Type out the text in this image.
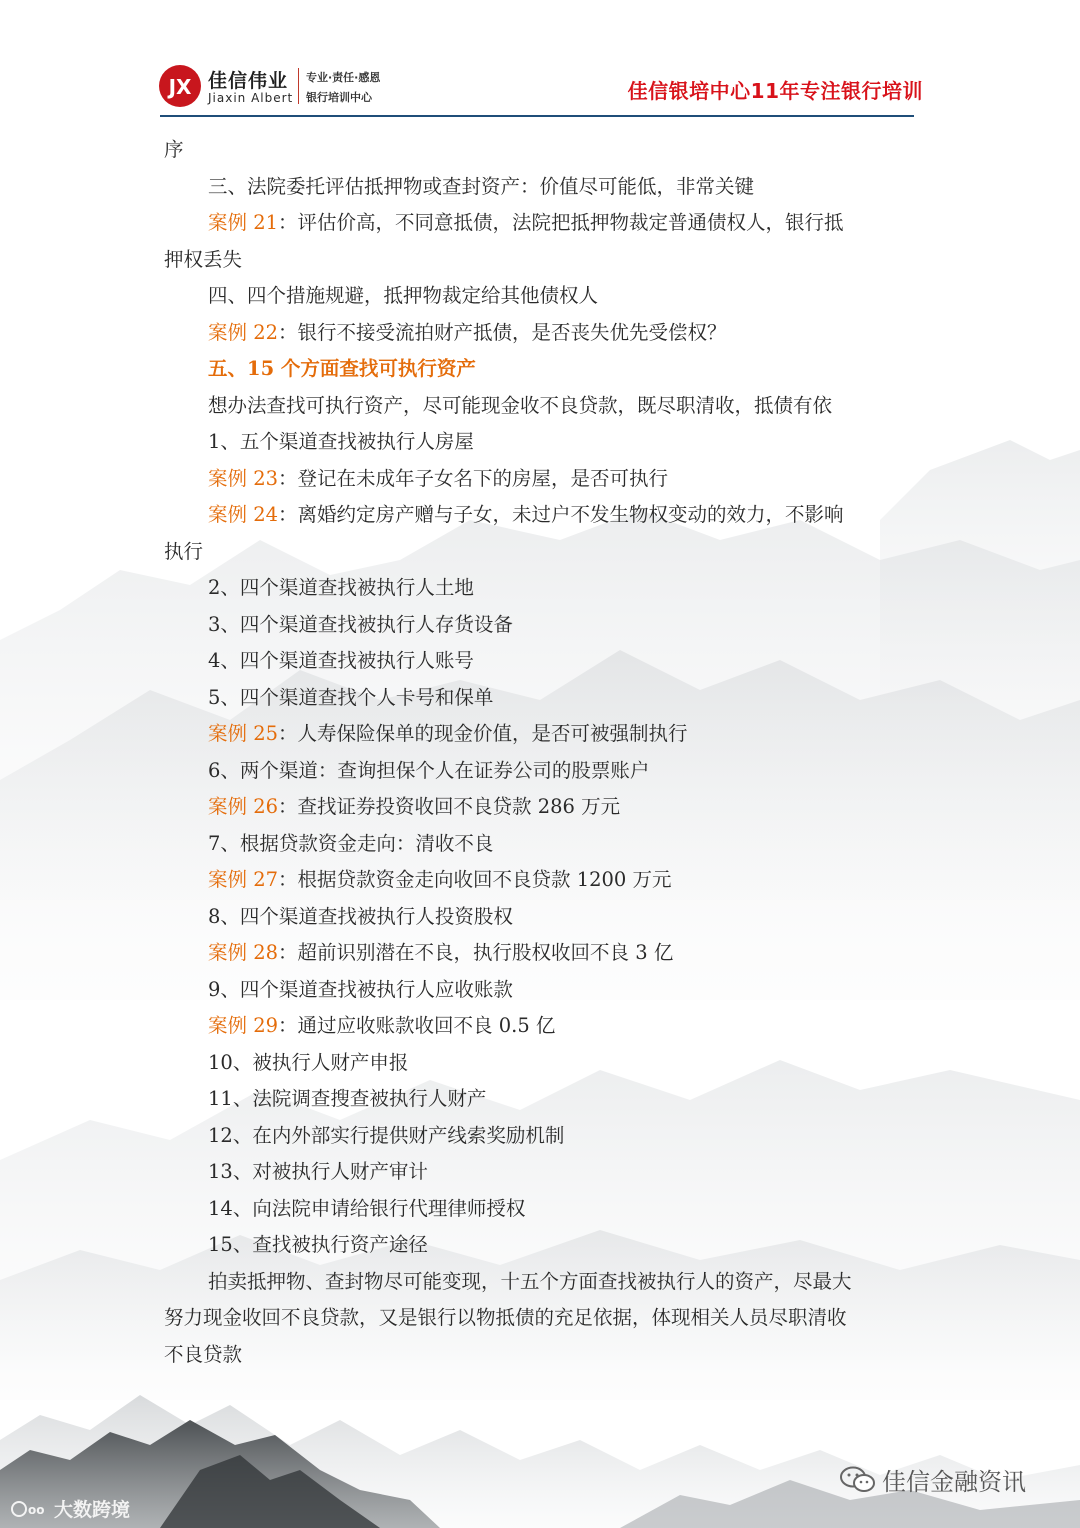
JX 佳信伟业
Jiaxin Albert
专业·责任·感恩
银行培训中心	佳信银培中心11年专注银行培训

序

三、法院委托评估抵押物或查封资产：价值尽可能低，非常关键

案例 21：评估价高，不同意抵债，法院把抵押物裁定普通债权人，银行抵

押权丢失

四、四个措施规避，抵押物裁定给其他债权人

案例 22：银行不接受流拍财产抵债，是否丧失优先受偿权？

五、15 个方面查找可执行资产

想办法查找可执行资产，尽可能现金收不良贷款，既尽职清收，抵债有依

1、五个渠道查找被执行人房屋

案例 23：登记在未成年子女名下的房屋，是否可执行

案例 24：离婚约定房产赠与子女，未过户不发生物权变动的效力，不影响

执行

2、四个渠道查找被执行人土地

3、四个渠道查找被执行人存货设备

4、四个渠道查找被执行人账号

5、四个渠道查找个人卡号和保单

案例 25：人寿保险保单的现金价值，是否可被强制执行

6、两个渠道：查询担保个人在证券公司的股票账户

案例 26：查找证券投资收回不良贷款 286 万元

7、根据贷款资金走向：清收不良

案例 27：根据贷款资金走向收回不良贷款 1200 万元

8、四个渠道查找被执行人投资股权

案例 28：超前识别潜在不良，执行股权收回不良 3 亿

9、四个渠道查找被执行人应收账款

案例 29：通过应收账款收回不良 0.5 亿

10、被执行人财产申报

11、法院调查搜查被执行人财产

12、在内外部实行提供财产线索奖励机制

13、对被执行人财产审计

14、向法院申请给银行代理律师授权

15、查找被执行资产途径

拍卖抵押物、查封物尽可能变现，十五个方面查找被执行人的资产，尽最大

努力现金收回不良贷款，又是银行以物抵债的充足依据，体现相关人员尽职清收

不良贷款

佳信金融资讯
oo 大数跨境
